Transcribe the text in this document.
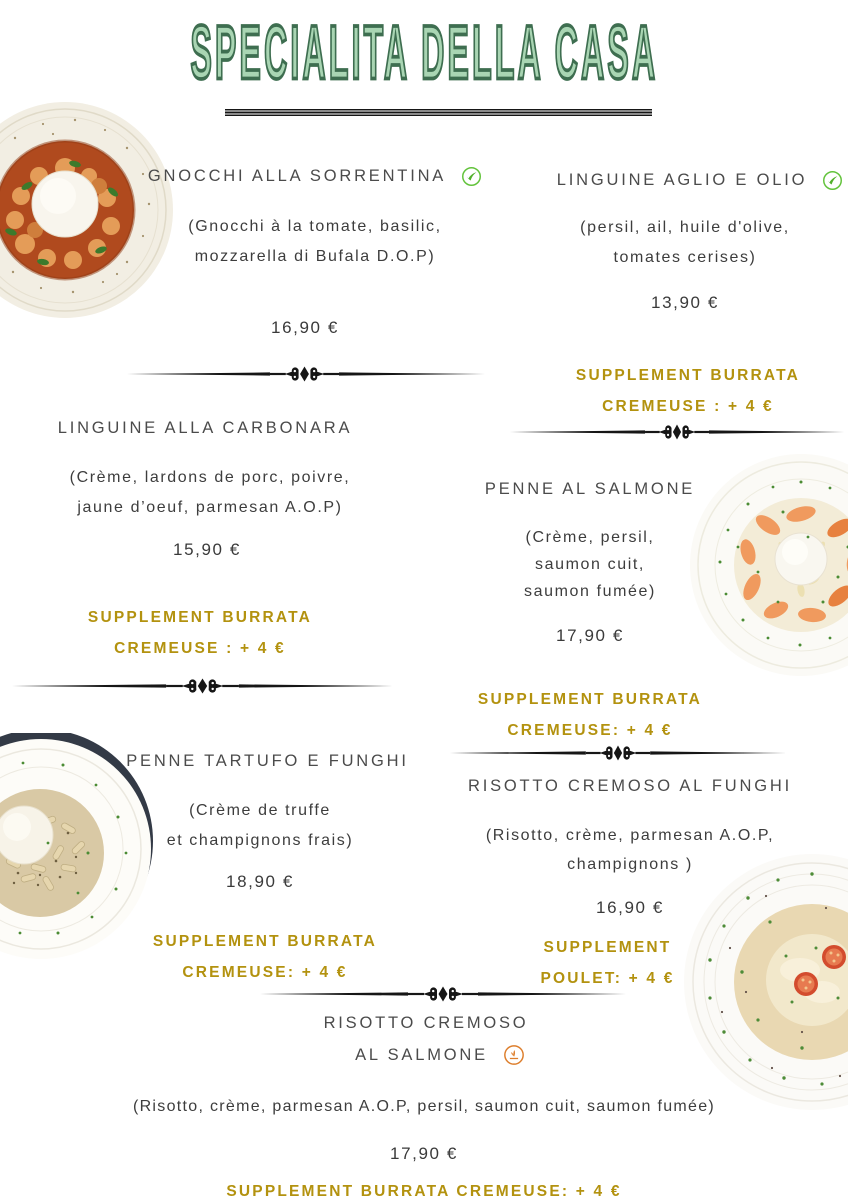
SPECIALITA DELLA CASA
GNOCCHI ALLA SORRENTINA
(Gnocchi à la tomate, basilic,
mozzarella di Bufala D.O.P)
16,90 €
LINGUINE AGLIO E OLIO
(persil, ail, huile d'olive,
tomates cerises)
13,90 €
SUPPLEMENT BURRATA
CREMEUSE : + 4 €
LINGUINE ALLA CARBONARA
(Crème, lardons de porc, poivre,
jaune d’oeuf, parmesan A.O.P)
15,90 €
SUPPLEMENT BURRATA
CREMEUSE : + 4 €
PENNE AL SALMONE
(Crème, persil,
saumon cuit,
saumon fumée)
17,90 €
SUPPLEMENT BURRATA
CREMEUSE: + 4 €
PENNE TARTUFO E FUNGHI
(Crème de truffe
et champignons frais)
18,90 €
SUPPLEMENT BURRATA
CREMEUSE: + 4 €
RISOTTO CREMOSO AL FUNGHI
(Risotto, crème, parmesan A.O.P,
champignons )
16,90 €
SUPPLEMENT
POULET: + 4 €
RISOTTO CREMOSO
AL SALMONE
(Risotto, crème, parmesan A.O.P, persil, saumon cuit, saumon fumée)
17,90 €
SUPPLEMENT BURRATA CREMEUSE: + 4 €
